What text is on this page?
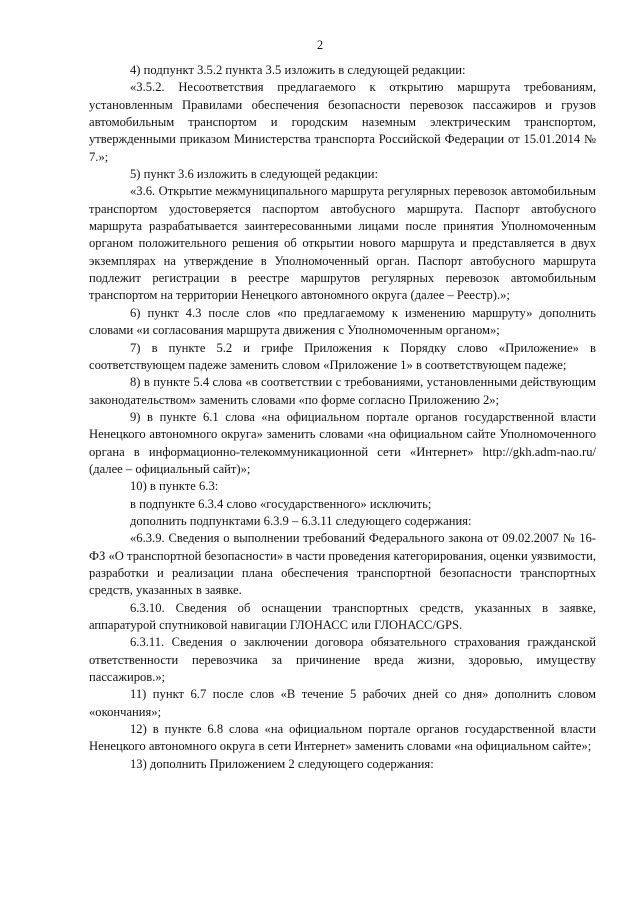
2

4) подпункт 3.5.2 пункта 3.5 изложить в следующей редакции:

«3.5.2. Несоответствия предлагаемого к открытию маршрута требованиям, установленным Правилами обеспечения безопасности перевозок пассажиров и грузов автомобильным транспортом и городским наземным электрическим транспортом, утвержденными приказом Министерства транспорта Российской Федерации от 15.01.2014 № 7.»;

5) пункт 3.6 изложить в следующей редакции:

«3.6. Открытие межмуниципального маршрута регулярных перевозок автомобильным транспортом удостоверяется паспортом автобусного маршрута. Паспорт автобусного маршрута разрабатывается заинтересованными лицами после принятия Уполномоченным органом положительного решения об открытии нового маршрута и представляется в двух экземплярах на утверждение в Уполномоченный орган. Паспорт автобусного маршрута подлежит регистрации в реестре маршрутов регулярных перевозок автомобильным транспортом на территории Ненецкого автономного округа (далее – Реестр).»;

6) пункт 4.3 после слов «по предлагаемому к изменению маршруту» дополнить словами «и согласования маршрута движения с Уполномоченным органом»;

7) в пункте 5.2 и грифе Приложения к Порядку слово «Приложение» в соответствующем падеже заменить словом «Приложение 1» в соответствующем падеже;

8) в пункте 5.4 слова «в соответствии с требованиями, установленными действующим законодательством» заменить словами «по форме согласно Приложению 2»;

9) в пункте 6.1 слова «на официальном портале органов государственной власти Ненецкого автономного округа» заменить словами «на официальном сайте Уполномоченного органа в информационно-телекоммуникационной сети «Интернет» http://gkh.adm-nao.ru/ (далее – официальный сайт)»;

10) в пункте 6.3:

в подпункте 6.3.4 слово «государственного» исключить;

дополнить подпунктами 6.3.9 – 6.3.11 следующего содержания:

«6.3.9. Сведения о выполнении требований Федерального закона от 09.02.2007 № 16-ФЗ «О транспортной безопасности» в части проведения категорирования, оценки уязвимости, разработки и реализации плана обеспечения транспортной безопасности транспортных средств, указанных в заявке.

6.3.10. Сведения об оснащении транспортных средств, указанных в заявке, аппаратурой спутниковой навигации ГЛОНАСС или ГЛОНАСС/GPS.

6.3.11. Сведения о заключении договора обязательного страхования гражданской ответственности перевозчика за причинение вреда жизни, здоровью, имуществу пассажиров.»;

11) пункт 6.7 после слов «В течение 5 рабочих дней со дня» дополнить словом «окончания»;

12) в пункте 6.8 слова «на официальном портале органов государственной власти Ненецкого автономного округа в сети Интернет» заменить словами «на официальном сайте»;

13) дополнить Приложением 2 следующего содержания:
